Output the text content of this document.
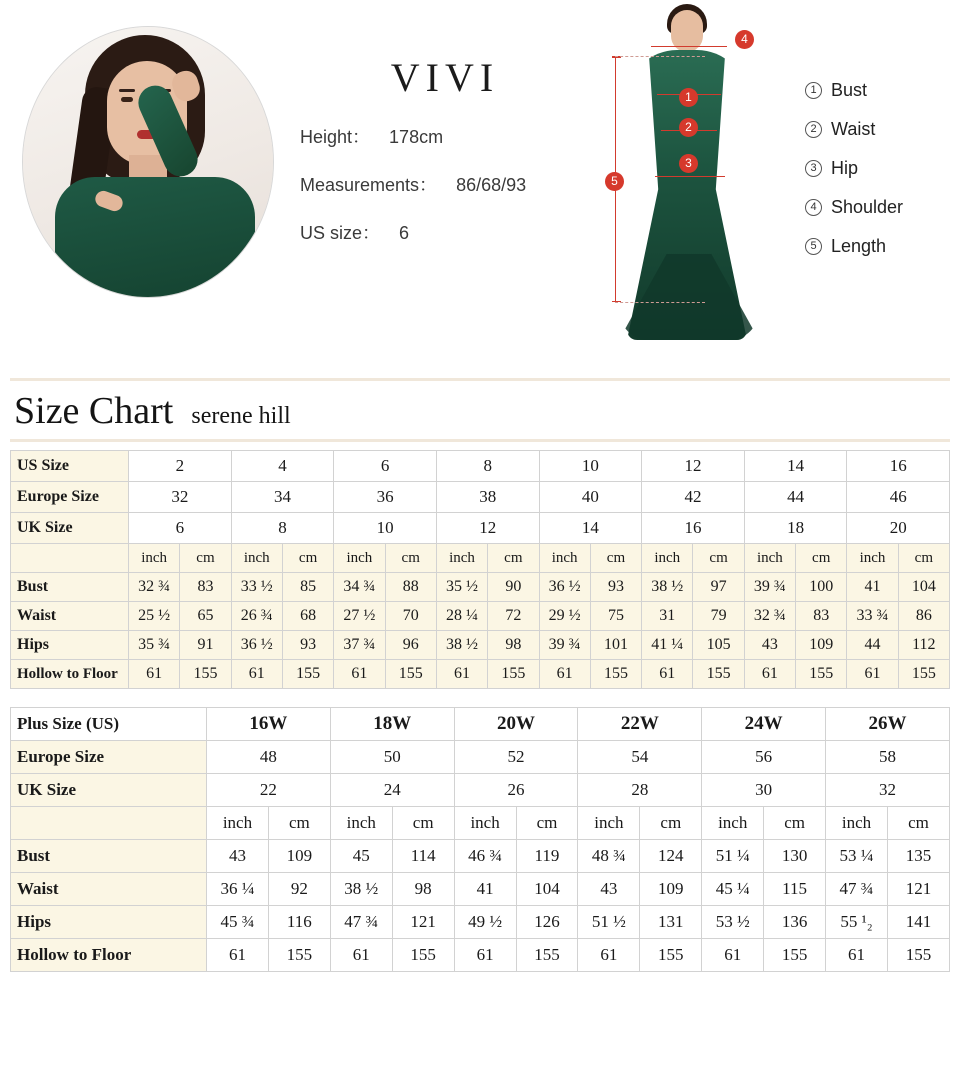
VIVI
Height： 178cm
Measurements： 86/68/93
US size： 6
1
2
3
4
5
1 Bust
2 Waist
3 Hip
4 Shoulder
5 Length
Size Chart serene hill
US Size	2		4		6		8		10		12		14		16	
Europe Size	32		34		36		38		40		42		44		46	
UK Size	6		8		10		12		14		16		18		20	
	inch	cm	inch	cm	inch	cm	inch	cm	inch	cm	inch	cm	inch	cm	inch	cm
Bust	32 ¾	83	33 ½	85	34 ¾	88	35 ½	90	36 ½	93	38 ½	97	39 ¾	100	41	104
Waist	25 ½	65	26 ¾	68	27 ½	70	28 ¼	72	29 ½	75	31	79	32 ¾	83	33 ¾	86
Hips	35 ¾	91	36 ½	93	37 ¾	96	38 ½	98	39 ¾	101	41 ¼	105	43	109	44	112
Hollow to Floor	61	155	61	155	61	155	61	155	61	155	61	155	61	155	61	155
Plus Size (US)	16W		18W		20W		22W		24W		26W	
Europe Size	48		50		52		54		56		58	
UK Size	22		24		26		28		30		32	
	inch	cm	inch	cm	inch	cm	inch	cm	inch	cm	inch	cm
Bust	43	109	45	114	46 ¾	119	48 ¾	124	51 ¼	130	53 ¼	135
Waist	36 ¼	92	38 ½	98	41	104	43	109	45 ¼	115	47 ¾	121
Hips	45 ¾	116	47 ¾	121	49 ½	126	51 ½	131	53 ½	136	55 ¹₂	141
Hollow to Floor	61	155	61	155	61	155	61	155	61	155	61	155
